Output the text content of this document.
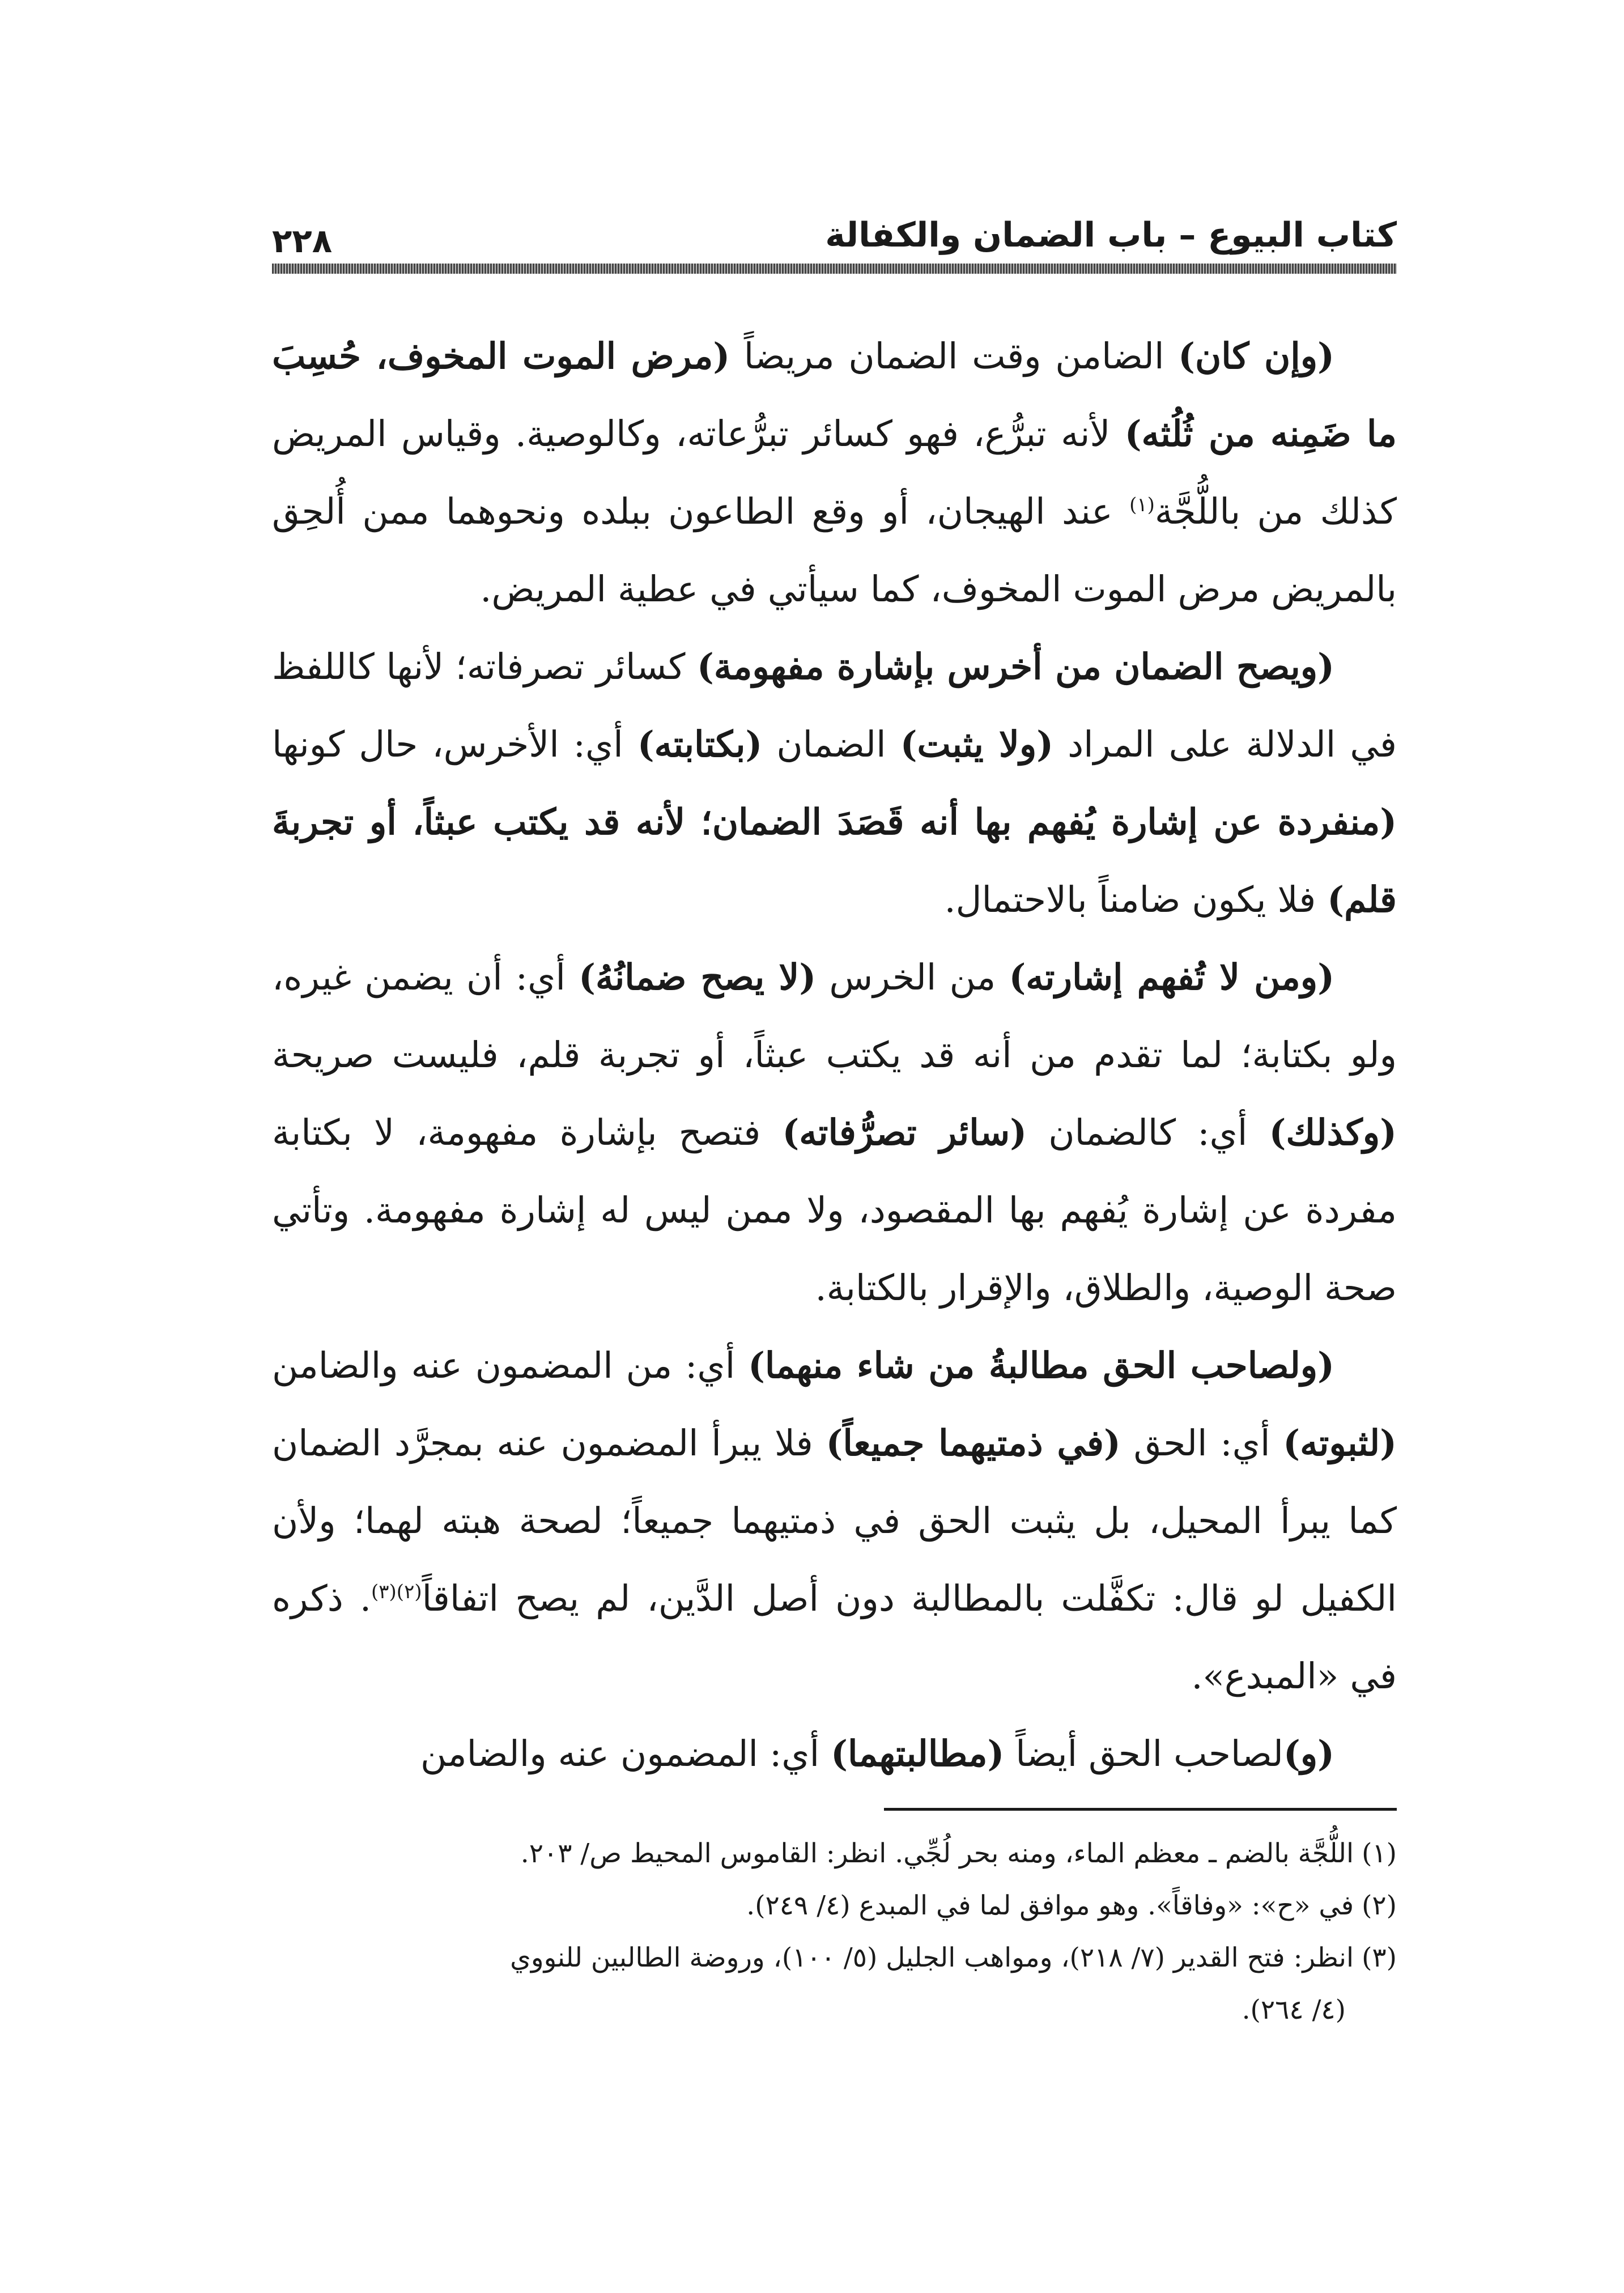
كتاب البيوع – باب الضمان والكفالة
٢٢٨

(وإن كان) الضامن وقت الضمان مريضاً (مرض الموت المخوف، حُسِبَ ما ضَمِنه من ثُلُثه) لأنه تبرُّع، فهو كسائر تبرُّعاته، وكالوصية. وقياس المريض كذلك من باللُّجَّة$^{(١)}$ عند الهيجان، أو وقع الطاعون ببلده ونحوهما ممن أُلحِق بالمريض مرض الموت المخوف، كما سيأتي في عطية المريض.

(ويصح الضمان من أخرس بإشارة مفهومة) كسائر تصرفاته؛ لأنها كاللفظ في الدلالة على المراد (ولا يثبت) الضمان (بكتابته) أي: الأخرس، حال كونها (منفردة عن إشارة يُفهم بها أنه قَصَدَ الضمان؛ لأنه قد يكتب عبثاً، أو تجربةَ قلم) فلا يكون ضامناً بالاحتمال.

(ومن لا تُفهم إشارته) من الخرس (لا يصح ضمانُهُ) أي: أن يضمن غيره، ولو بكتابة؛ لما تقدم من أنه قد يكتب عبثاً، أو تجربة قلم، فليست صريحة (وكذلك) أي: كالضمان (سائر تصرُّفاته) فتصح بإشارة مفهومة، لا بكتابة مفردة عن إشارة يُفهم بها المقصود، ولا ممن ليس له إشارة مفهومة. وتأتي صحة الوصية، والطلاق، والإقرار بالكتابة.

(ولصاحب الحق مطالبةُ من شاء منهما) أي: من المضمون عنه والضامن (لثبوته) أي: الحق (في ذمتيهما جميعاً) فلا يبرأ المضمون عنه بمجرَّد الضمان كما يبرأ المحيل، بل يثبت الحق في ذمتيهما جميعاً؛ لصحة هبته لهما؛ ولأن الكفيل لو قال: تكفَّلت بالمطالبة دون أصل الدَّين، لم يصح اتفاقاً$^{(٢)(٣)}$. ذكره في «المبدع».

(و)لصاحب الحق أيضاً (مطالبتهما) أي: المضمون عنه والضامن

(١)اللُّجَّة بالضم ـ معظم الماء، ومنه بحر لُجِّي. انظر: القاموس المحيط ص/ ٢٠٣.

(٢)في «ح»: «وفاقاً». وهو موافق لما في المبدع (٤/ ٢٤٩).

(٣)انظر: فتح القدير (٧/ ٢١٨)، ومواهب الجليل (٥/ ١٠٠)، وروضة الطالبين للنووي

(٤/ ٢٦٤).
